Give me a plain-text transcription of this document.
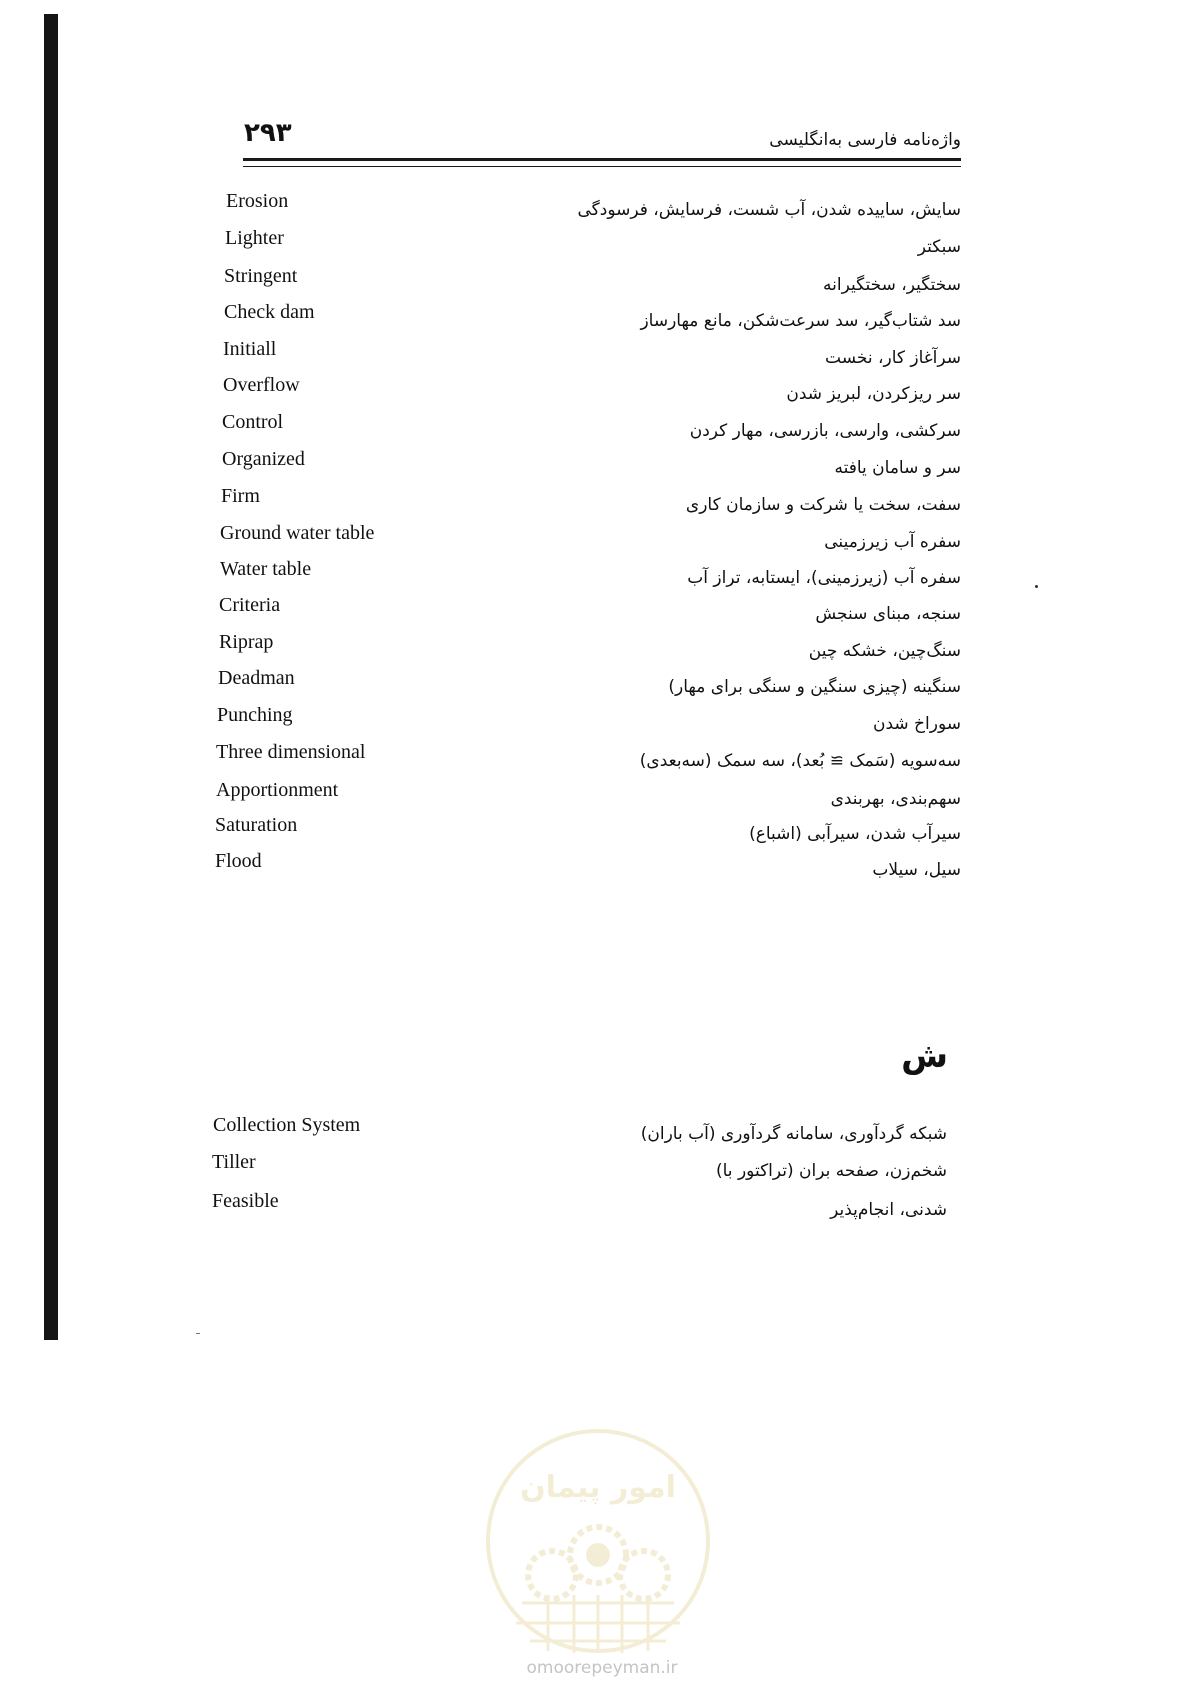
۲۹۳	واژه‌نامه فارسی به‌انگلیسی
Erosion	سایش، ساییده شدن، آب شست، فرسایش، فرسودگی
Lighter	سبکتر
Stringent	سختگیر، سختگیرانه
Check dam	سد شتاب‌گیر، سد سرعت‌شکن، مانع مهارساز
Initiall	سرآغاز کار، نخست
Overflow	سر ریزکردن، لبریز شدن
Control	سرکشی، وارسی، بازرسی، مهار کردن
Organized	سر و سامان یافته
Firm	سفت، سخت یا شرکت و سازمان کاری
Ground water table	سفره آب زیرزمینی
Water table	سفره آب (زیرزمینی)، ایستابه، تراز آب
Criteria	سنجه، مبنای سنجش
Riprap	سنگ‌چین، خشکه چین
Deadman	سنگینه (چیزی سنگین و سنگی برای مهار)
Punching	سوراخ شدن
Three dimensional	سه‌سویه (سَمک ≅ بُعد)، سه سمک (سه‌بعدی)
Apportionment	سهم‌بندی، بهربندی
Saturation	سیرآب شدن، سیرآبی (اشباع)
Flood	سیل، سیلاب
ش
Collection System	شبکه گردآوری، سامانه گردآوری (آب باران)
Tiller	شخم‌زن، صفحه بران (تراکتور با)
Feasible	شدنی، انجام‌پذیر
امور پیمان
omoorepeyman.ir
